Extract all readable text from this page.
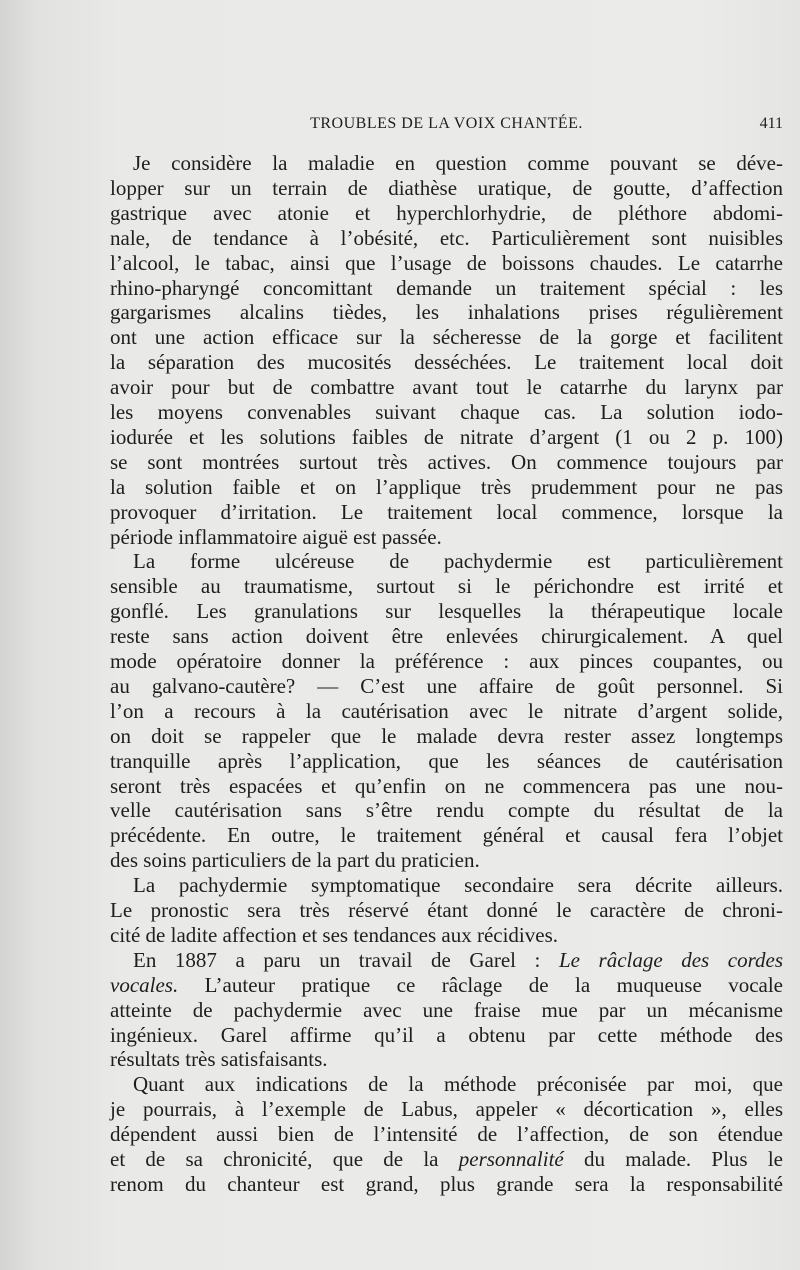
TROUBLES DE LA VOIX CHANTÉE.	411
Je considère la maladie en question comme pouvant se déve-
lopper sur un terrain de diathèse uratique, de goutte, d’affection
gastrique avec atonie et hyperchlorhydrie, de pléthore abdomi-
nale, de tendance à l’obésité, etc. Particulièrement sont nuisibles
l’alcool, le tabac, ainsi que l’usage de boissons chaudes. Le catarrhe
rhino-pharyngé concomittant demande un traitement spécial : les
gargarismes alcalins tièdes, les inhalations prises régulièrement
ont une action efficace sur la sécheresse de la gorge et facilitent
la séparation des mucosités desséchées. Le traitement local doit
avoir pour but de combattre avant tout le catarrhe du larynx par
les moyens convenables suivant chaque cas. La solution iodo-
iodurée et les solutions faibles de nitrate d’argent (1 ou 2 p. 100)
se sont montrées surtout très actives. On commence toujours par
la solution faible et on l’applique très prudemment pour ne pas
provoquer d’irritation. Le traitement local commence, lorsque la
période inflammatoire aiguë est passée.
La forme ulcéreuse de pachydermie est particulièrement
sensible au traumatisme, surtout si le périchondre est irrité et
gonflé. Les granulations sur lesquelles la thérapeutique locale
reste sans action doivent être enlevées chirurgicalement. A quel
mode opératoire donner la préférence : aux pinces coupantes, ou
au galvano-cautère? — C’est une affaire de goût personnel. Si
l’on a recours à la cautérisation avec le nitrate d’argent solide,
on doit se rappeler que le malade devra rester assez longtemps
tranquille après l’application, que les séances de cautérisation
seront très espacées et qu’enfin on ne commencera pas une nou-
velle cautérisation sans s’être rendu compte du résultat de la
précédente. En outre, le traitement général et causal fera l’objet
des soins particuliers de la part du praticien.
La pachydermie symptomatique secondaire sera décrite ailleurs.
Le pronostic sera très réservé étant donné le caractère de chroni-
cité de ladite affection et ses tendances aux récidives.
En 1887 a paru un travail de Garel : Le râclage des cordes
vocales. L’auteur pratique ce râclage de la muqueuse vocale
atteinte de pachydermie avec une fraise mue par un mécanisme
ingénieux. Garel affirme qu’il a obtenu par cette méthode des
résultats très satisfaisants.
Quant aux indications de la méthode préconisée par moi, que
je pourrais, à l’exemple de Labus, appeler « décortication », elles
dépendent aussi bien de l’intensité de l’affection, de son étendue
et de sa chronicité, que de la personnalité du malade. Plus le
renom du chanteur est grand, plus grande sera la responsabilité
